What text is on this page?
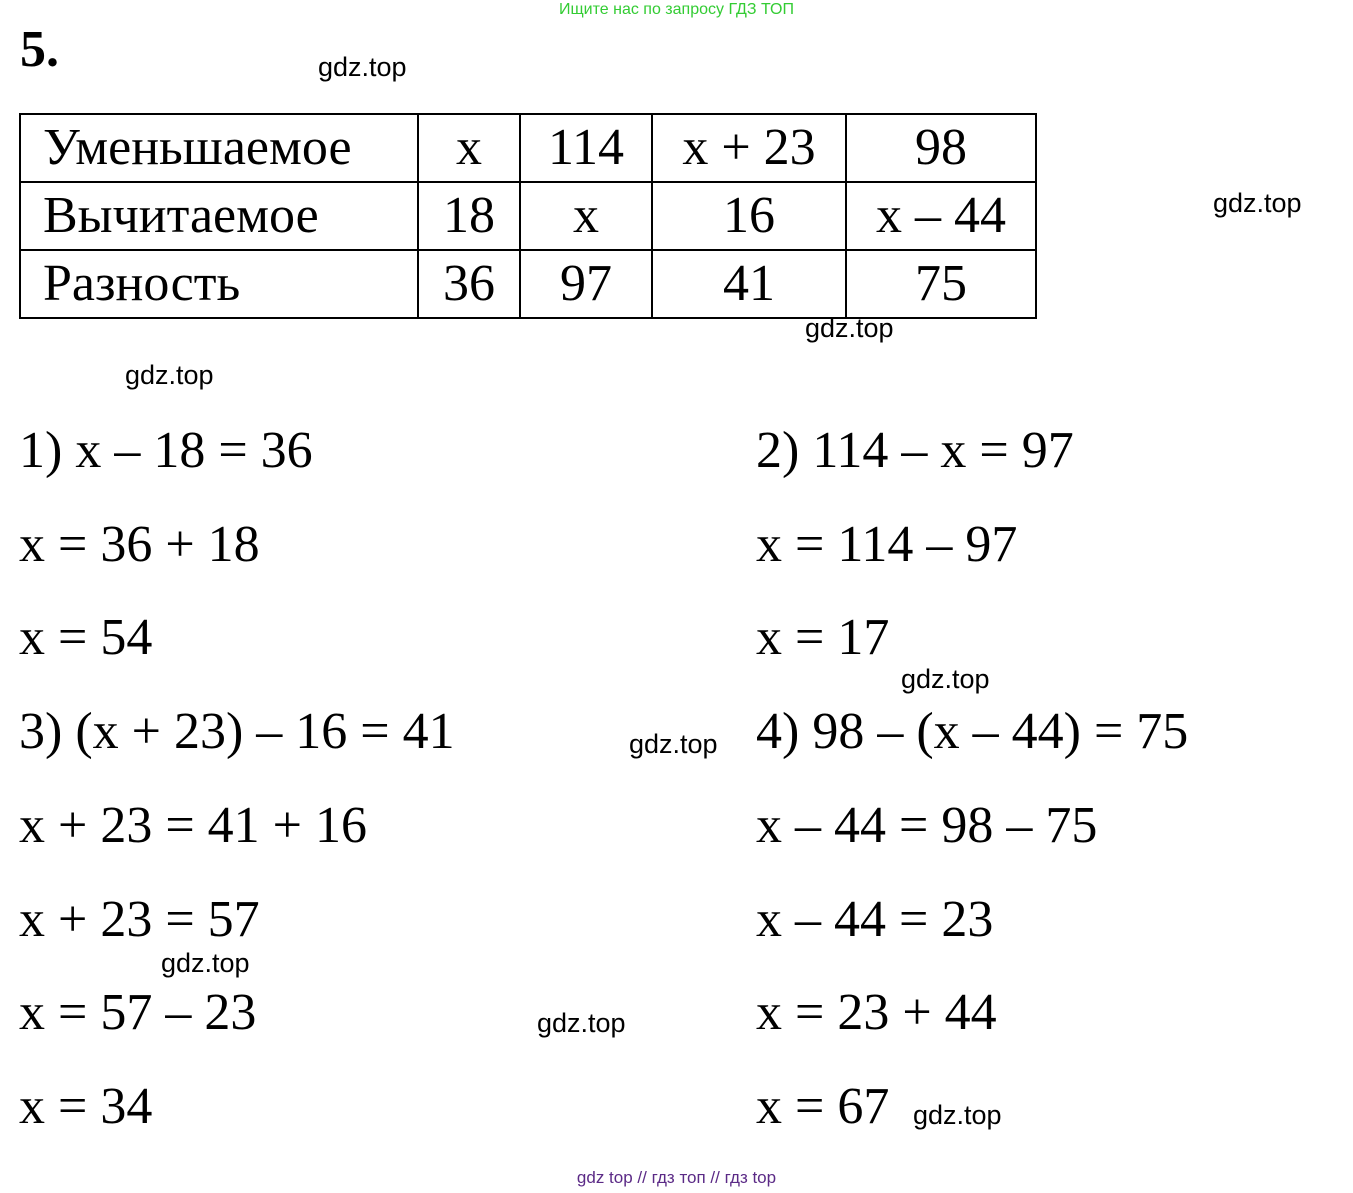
Ищите нас по запросу ГДЗ ТОП
5.	gdz.top
gdz.top
gdz.top
gdz.top
gdz.top
gdz.top
gdz.top
gdz.top
gdz.top
Уменьшаемое	x	114	x + 23	98
Вычитаемое	18	x	16	x – 44
Разность	36	97	41	75
1) x – 18 = 36
x = 36 + 18
x = 54
3) (x + 23) – 16 = 41
x + 23 = 41 + 16
x + 23 = 57
x = 57 – 23
x = 34
2) 114 – x = 97
x = 114 – 97
x = 17
4) 98 – (x – 44) = 75
x – 44 = 98 – 75
x – 44 = 23
x = 23 + 44
x = 67
gdz top // гдз топ // гдз top
